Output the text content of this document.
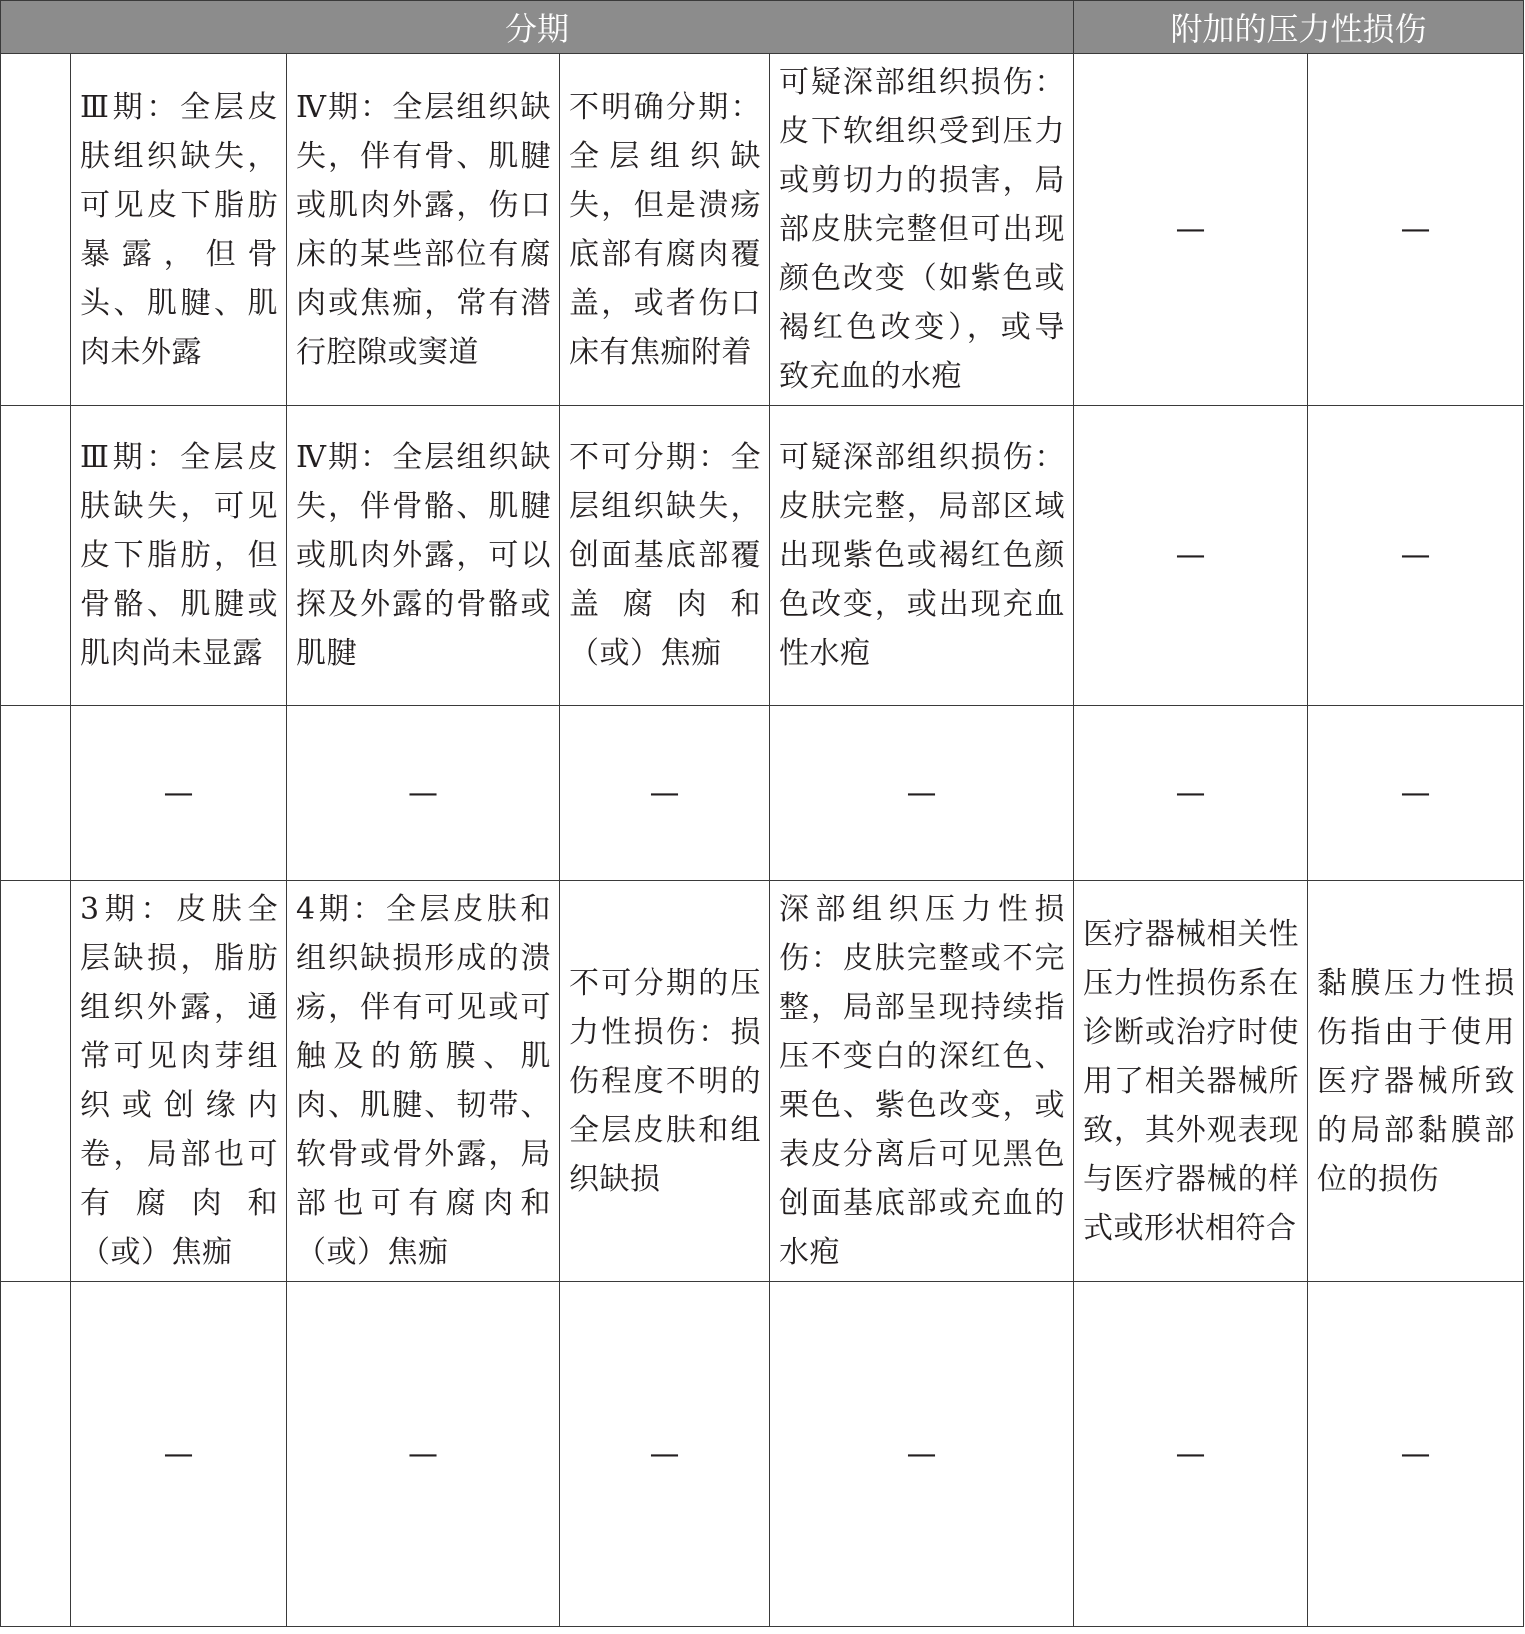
分期					附加的压力性损伤	
	Ⅲ期：全层皮肤组织缺失，可见皮下脂肪暴露，但骨头、肌腱、肌肉未外露	Ⅳ期：全层组织缺失，伴有骨、肌腱或肌肉外露，伤口床的某些部位有腐肉或焦痂，常有潜行腔隙或窦道	不明确分期：全层组织缺失，但是溃疡底部有腐肉覆盖，或者伤口床有焦痂附着	可疑深部组织损伤：皮下软组织受到压力或剪切力的损害，局部皮肤完整但可出现颜色改变（如紫色或褐红色改变），或导致充血的水疱	—	—
	Ⅲ期：全层皮肤缺失，可见皮下脂肪，但骨骼、肌腱或肌肉尚未显露	Ⅳ期：全层组织缺失，伴骨骼、肌腱或肌肉外露，可以探及外露的骨骼或肌腱	不可分期：全层组织缺失，创面基底部覆盖腐肉和（或）焦痂	可疑深部组织损伤：皮肤完整，局部区域出现紫色或褐红色颜色改变，或出现充血性水疱	—	—
	—	—	—	—	—	—
	3期：皮肤全层缺损，脂肪组织外露，通常可见肉芽组织或创缘内卷，局部也可有腐肉和（或）焦痂	4期：全层皮肤和组织缺损形成的溃疡，伴有可见或可触及的筋膜、肌肉、肌腱、韧带、软骨或骨外露，局部也可有腐肉和（或）焦痂	不可分期的压力性损伤：损伤程度不明的全层皮肤和组织缺损	深部组织压力性损伤：皮肤完整或不完整，局部呈现持续指压不变白的深红色、栗色、紫色改变，或表皮分离后可见黑色创面基底部或充血的水疱	医疗器械相关性压力性损伤系在诊断或治疗时使用了相关器械所致，其外观表现与医疗器械的样式或形状相符合	黏膜压力性损伤指由于使用医疗器械所致的局部黏膜部位的损伤
	—	—	—	—	—	—
